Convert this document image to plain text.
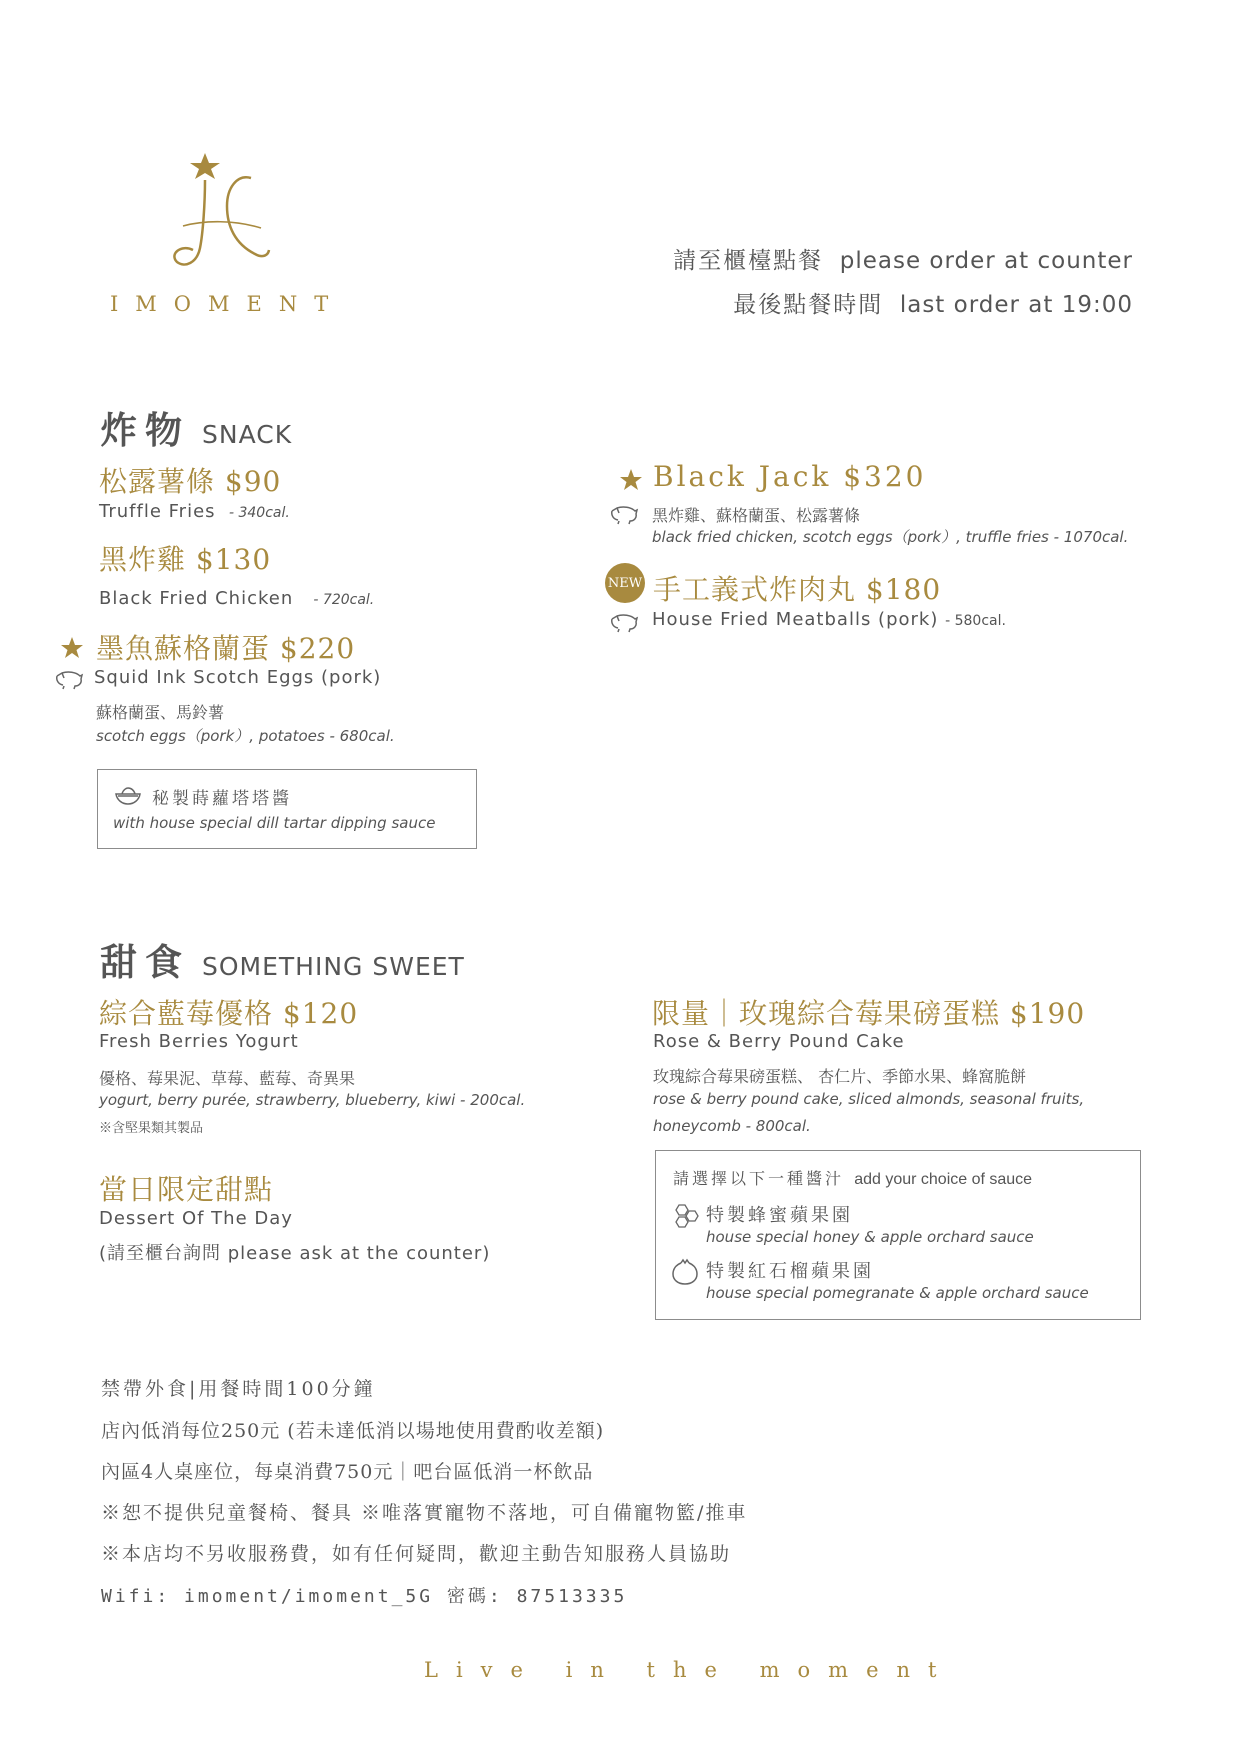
IMOMENT
請至櫃檯點餐 please order at counter
最後點餐時間 last order at 19:00
炸物 SNACK
松露薯條 $90
Truffle Fries - 340cal.
黑炸雞 $130
Black Fried Chicken - 720cal.
墨魚蘇格蘭蛋 $220
Squid Ink Scotch Eggs (pork)
蘇格蘭蛋、馬鈴薯
scotch eggs（pork）, potatoes - 680cal.
Black Jack $320
黑炸雞、蘇格蘭蛋、松露薯條
black fried chicken, scotch eggs（pork）, truffle fries - 1070cal.
NEW 手工義式炸肉丸 $180
House Fried Meatballs (pork) - 580cal.
秘製蒔蘿塔塔醬
with house special dill tartar dipping sauce
甜食 SOMETHING SWEET
綜合藍莓優格 $120
Fresh Berries Yogurt
優格、莓果泥、草莓、藍莓、奇異果
yogurt, berry purée, strawberry, blueberry, kiwi - 200cal.
※含堅果類其製品
當日限定甜點
Dessert Of The Day
(請至櫃台詢問 please ask at the counter)
限量｜玫瑰綜合莓果磅蛋糕 $190
Rose & Berry Pound Cake
玫瑰綜合莓果磅蛋糕、 杏仁片、季節水果、蜂窩脆餅
rose & berry pound cake, sliced almonds, seasonal fruits,
honeycomb - 800cal.
請選擇以下一種醬汁 add your choice of sauce
特製蜂蜜蘋果園
house special honey & apple orchard sauce
特製紅石榴蘋果園
house special pomegranate & apple orchard sauce
禁帶外食|用餐時間100分鐘
店內低消每位250元 (若未達低消以場地使用費酌收差額)
內區4人桌座位，每桌消費750元｜吧台區低消一杯飲品
※恕不提供兒童餐椅、餐具 ※唯落實寵物不落地，可自備寵物籃/推車
※本店均不另收服務費，如有任何疑問，歡迎主動告知服務人員協助
Wifi: imoment/imoment_5G 密碼: 87513335
Live in the moment
